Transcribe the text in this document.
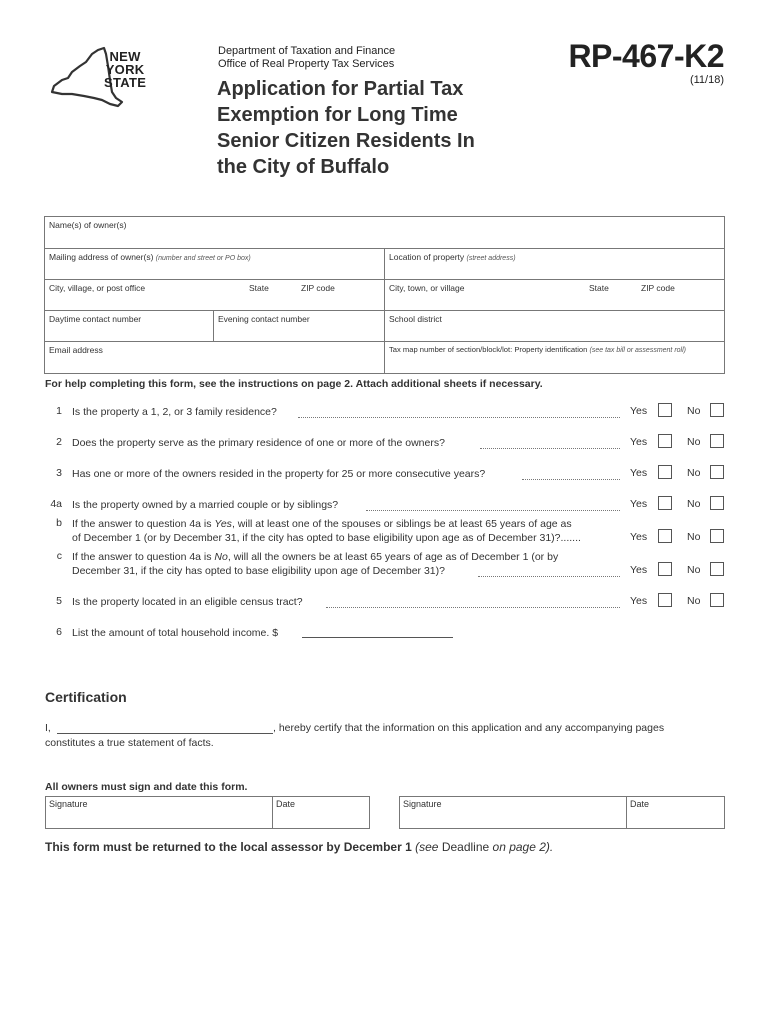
NEW
YORK
STATE
Department of Taxation and Finance
Office of Real Property Tax Services
Application for Partial Tax
Exemption for Long Time
Senior Citizen Residents In
the City of Buffalo
RP-467-K2
(11/18)
Name(s) of owner(s)
Mailing address of owner(s) (number and street or PO box)	Location of property (street address)
City, village, or post office	State	ZIP code	City, town, or village	State	ZIP code
Daytime contact number	Evening contact number	School district
Email address	Tax map number of section/block/lot: Property identification (see tax bill or assessment roll)
For help completing this form, see the instructions on page 2. Attach additional sheets if necessary.
1 Is the property a 1, 2, or 3 family residence?	Yes	No
2 Does the property serve as the primary residence of one or more of the owners?	Yes	No
3 Has one or more of the owners resided in the property for 25 or more consecutive years?	Yes	No
4a Is the property owned by a married couple or by siblings?	Yes	No
b If the answer to question 4a is Yes, will at least one of the spouses or siblings be at least 65 years of age as
of December 1 (or by December 31, if the city has opted to base eligibility upon age as of December 31)?.......	Yes	No
c If the answer to question 4a is No, will all the owners be at least 65 years of age as of December 1 (or by
December 31, if the city has opted to base eligibility upon age of December 31)?	Yes	No
5 Is the property located in an eligible census tract?	Yes	No
6 List the amount of total household income. $
Certification
I,	, hereby certify that the information on this application and any accompanying pages
constitutes a true statement of facts.
All owners must sign and date this form.
Signature	Date	Signature	Date
This form must be returned to the local assessor by December 1 (see Deadline on page 2).
